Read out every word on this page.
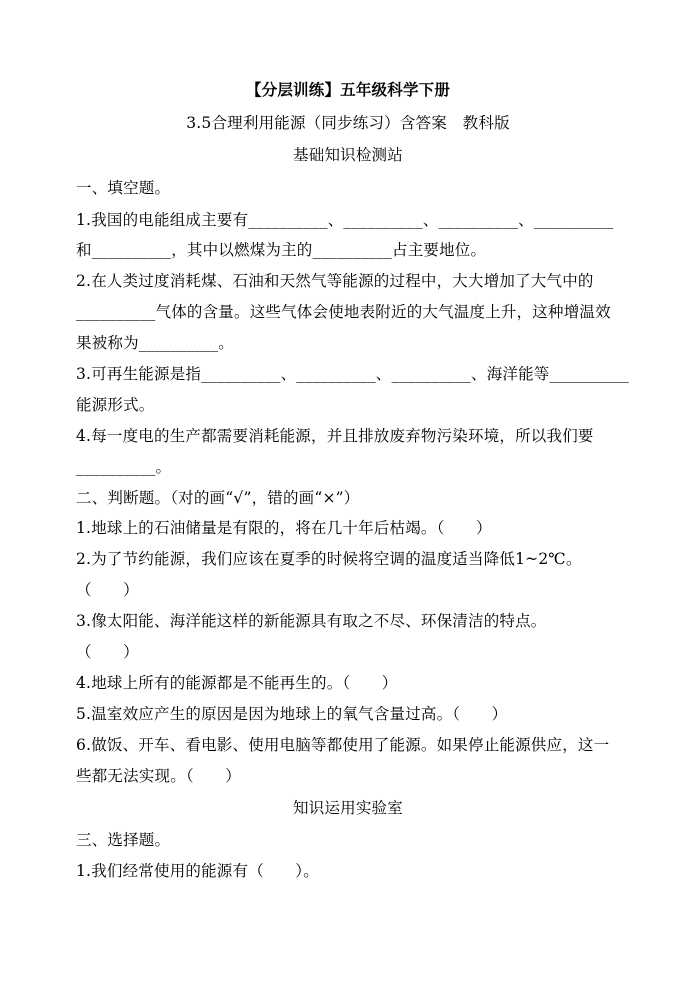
【分层训练】五年级科学下册
3.5合理利用能源（同步练习）含答案　教科版
基础知识检测站
一、填空题。
1.我国的电能组成主要有__________、__________、__________、__________
和__________，其中以燃煤为主的__________占主要地位。
2.在人类过度消耗煤、石油和天然气等能源的过程中，大大增加了大气中的
__________气体的含量。这些气体会使地表附近的大气温度上升，这种增温效
果被称为__________。
3.可再生能源是指__________、__________、__________、海洋能等__________
能源形式。
4.每一度电的生产都需要消耗能源，并且排放废弃物污染环境，所以我们要
__________。
二、判断题。（对的画“√”，错的画“×”）
1.地球上的石油储量是有限的，将在几十年后枯竭。（　　）
2.为了节约能源，我们应该在夏季的时候将空调的温度适当降低1~2℃。
（　　）
3.像太阳能、海洋能这样的新能源具有取之不尽、环保清洁的特点。
（　　）
4.地球上所有的能源都是不能再生的。（　　）
5.温室效应产生的原因是因为地球上的氧气含量过高。（　　）
6.做饭、开车、看电影、使用电脑等都使用了能源。如果停止能源供应，这一
些都无法实现。（　　）
知识运用实验室
三、选择题。
1.我们经常使用的能源有（　　）。
